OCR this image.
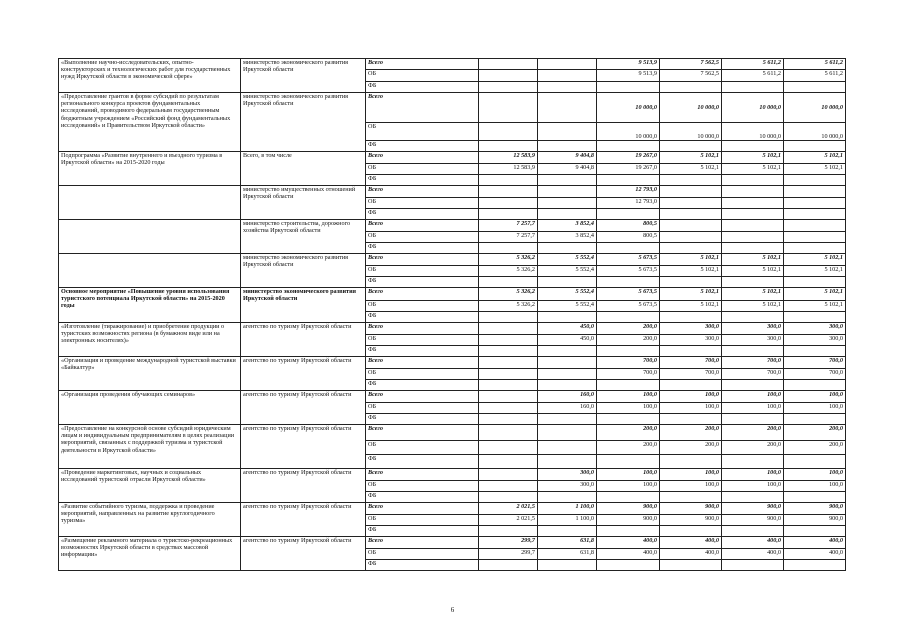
«Выполнение научно-исследовательских, опытно-конструкторских и технологических работ для государственных нужд Иркутской области в экономической сфере»	министерство экономического развития Иркутской области	Всего			9 513,9	7 562,5	5 611,2	5 611,2
		ОБ			9 513,9	7 562,5	5 611,2	5 611,2
		ФБ						
«Предоставление грантов в форме субсидий по результатам регионального конкурса проектов фундаментальных исследований, проводимого федеральным государственным бюджетным учреждением «Российский фонд фундаментальных исследований» и Правительством Иркутской области»	министерство экономического развития Иркутской области	Всего			10 000,0	10 000,0	10 000,0	10 000,0
		ОБ			10 000,0	10 000,0	10 000,0	10 000,0
		ФБ						
Подпрограмма «Развитие внутреннего и въездного туризма в Иркутской области» на 2015-2020 годы	Всего, в том числе	Всего	12 583,9	9 404,8	19 267,0	5 102,1	5 102,1	5 102,1
		ОБ	12 583,9	9 404,8	19 267,0	5 102,1	5 102,1	5 102,1
		ФБ						
	министерство имущественных отношений Иркутской области	Всего			12 793,0			
		ОБ			12 793,0			
		ФБ						
	министерство строительства, дорожного хозяйства Иркутской области	Всего	7 257,7	3 852,4	800,5			
		ОБ	7 257,7	3 852,4	800,5			
		ФБ						
	министерство экономического развития Иркутской области	Всего	5 326,2	5 552,4	5 673,5	5 102,1	5 102,1	5 102,1
		ОБ	5 326,2	5 552,4	5 673,5	5 102,1	5 102,1	5 102,1
		ФБ						
Основное мероприятие «Повышение уровня использования туристского потенциала Иркутской области» на 2015-2020 годы	министерство экономического развития Иркутской области	Всего	5 326,2	5 552,4	5 673,5	5 102,1	5 102,1	5 102,1
		ОБ	5 326,2	5 552,4	5 673,5	5 102,1	5 102,1	5 102,1
		ФБ						
«Изготовление (тиражирование) и приобретение продукции о туристских возможностях региона (в бумажном виде или на электронных носителях)»	агентство по туризму Иркутской области	Всего		450,0	200,0	300,0	300,0	300,0
		ОБ		450,0	200,0	300,0	300,0	300,0
		ФБ						
«Организация и проведение международной туристской выставки «Байкалтур»	агентство по туризму Иркутской области	Всего			700,0	700,0	700,0	700,0
		ОБ			700,0	700,0	700,0	700,0
		ФБ						
«Организация проведения обучающих семинаров»	агентство по туризму Иркутской области	Всего		160,0	100,0	100,0	100,0	100,0
		ОБ		160,0	100,0	100,0	100,0	100,0
		ФБ						
«Предоставление на конкурсной основе субсидий юридическим лицам и индивидуальным предпринимателям в целях реализации мероприятий, связанных с поддержкой туризма и туристской деятельности в Иркутской области»	агентство по туризму Иркутской области	Всего			200,0	200,0	200,0	200,0
		ОБ			200,0	200,0	200,0	200,0
		ФБ						
«Проведение маркетинговых, научных и социальных исследований туристской отрасли Иркутской области»	агентство по туризму Иркутской области	Всего		300,0	100,0	100,0	100,0	100,0
		ОБ		300,0	100,0	100,0	100,0	100,0
		ФБ						
«Развитие событийного туризма, поддержка и проведение мероприятий, направленных на развитие круглогодичного туризма»	агентство по туризму Иркутской области	Всего	2 021,5	1 100,0	900,0	900,0	900,0	900,0
		ОБ	2 021,5	1 100,0	900,0	900,0	900,0	900,0
		ФБ						
«Размещение рекламного материала о туристско-рекреационных возможностях Иркутской области в средствах массовой информации»	агентство по туризму Иркутской области	Всего	299,7	631,8	400,0	400,0	400,0	400,0
		ОБ	299,7	631,8	400,0	400,0	400,0	400,0
		ФБ						
6
